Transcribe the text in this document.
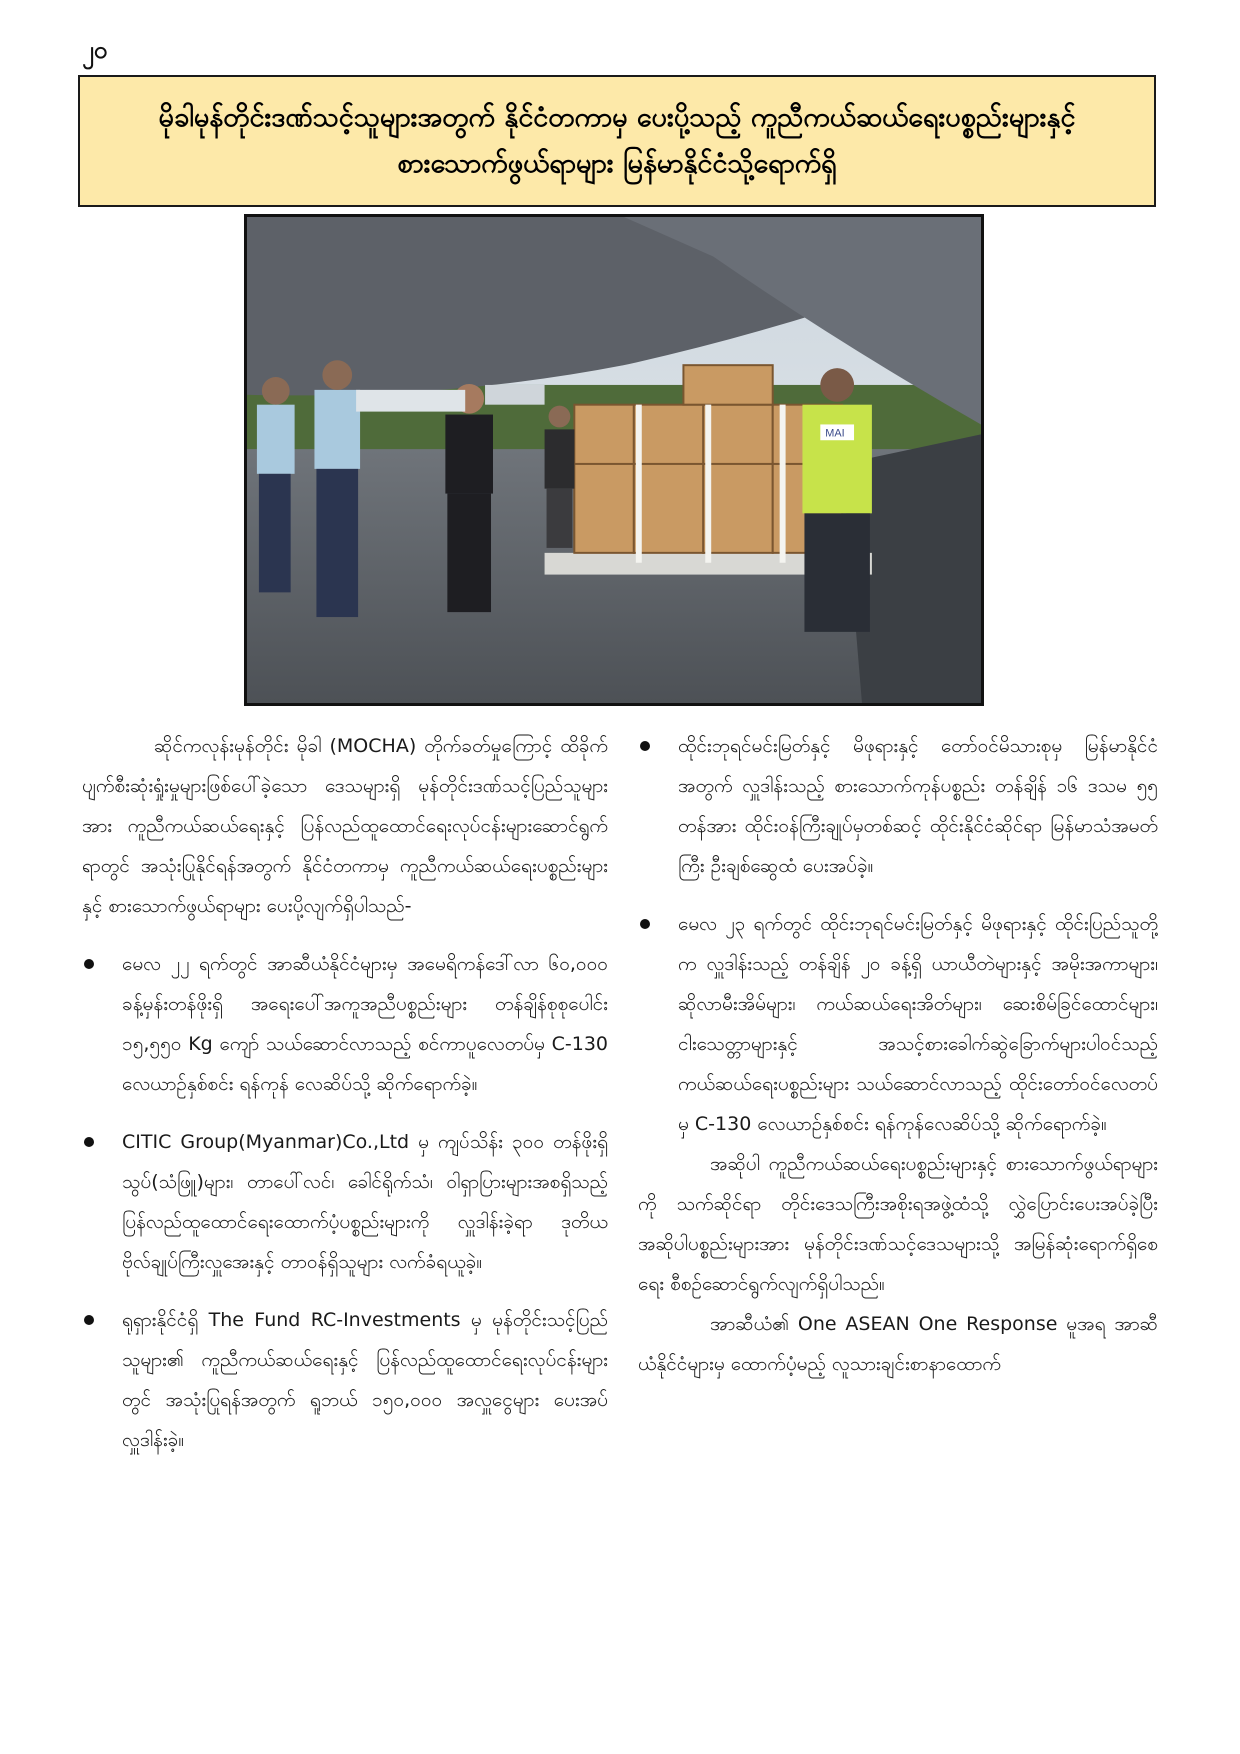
၂၀
မိုခါမုန်တိုင်းဒဏ်သင့်သူများအတွက် နိုင်ငံတကာမှ ပေးပို့သည့် ကူညီကယ်ဆယ်ရေးပစ္စည်းများနှင့်
စားသောက်ဖွယ်ရာများ မြန်မာနိုင်ငံသို့ရောက်ရှိ
MAI

ဆိုင်ကလုန်းမုန်တိုင်း မိုခါ (MOCHA) တိုက်ခတ်မှုကြောင့် ထိခိုက်ပျက်စီးဆုံးရှုံးမှုများဖြစ်ပေါ်ခဲ့သော ဒေသများရှိ မုန်တိုင်းဒဏ်သင့်ပြည်သူများအား ကူညီကယ်ဆယ်ရေးနှင့် ပြန်လည်ထူထောင်ရေးလုပ်ငန်းများဆောင်ရွက်ရာတွင် အသုံးပြုနိုင်ရန်အတွက် နိုင်ငံတကာမှ ကူညီကယ်ဆယ်ရေးပစ္စည်းများနှင့် စားသောက်ဖွယ်ရာများ ပေးပို့လျက်ရှိပါသည်-

မေလ ၂၂ ရက်တွင် အာဆီယံနိုင်ငံများမှ အမေရိကန်ဒေါ်လာ ၆၀,၀၀၀ ခန့်မှန်းတန်ဖိုးရှိ အရေးပေါ်အကူအညီပစ္စည်းများ တန်ချိန်စုစုပေါင်း ၁၅,၅၅၀ Kg ကျော် သယ်ဆောင်လာသည့် စင်ကာပူလေတပ်မှ C-130 လေယာဉ်နှစ်စင်း ရန်ကုန် လေဆိပ်သို့ ဆိုက်ရောက်ခဲ့။
CITIC Group(Myanmar)Co.,Ltd မှ ကျပ်သိန်း ၃၀၀ တန်ဖိုးရှိ သွပ်(သံဖြူ)များ၊ တာပေါ်လင်၊ ခေါင်ရိုက်သံ၊ ဝါရှာပြားများအစရှိသည့် ပြန်လည်ထူထောင်ရေးထောက်ပံ့ပစ္စည်းများကို လှူဒါန်းခဲ့ရာ ဒုတိယဗိုလ်ချုပ်ကြီးလှူအေးနှင့် တာဝန်ရှိသူများ လက်ခံရယူခဲ့။
ရုရှားနိုင်ငံရှိ The Fund RC-Investments မှ မုန်တိုင်းသင့်ပြည်သူများ၏ ကူညီကယ်ဆယ်ရေးနှင့် ပြန်လည်ထူထောင်ရေးလုပ်ငန်းများတွင် အသုံးပြုရန်အတွက် ရူဘယ် ၁၅၀,၀၀၀ အလှူငွေများ ပေးအပ်လှူဒါန်းခဲ့။
ထိုင်းဘုရင်မင်းမြတ်နှင့် မိဖုရားနှင့် တော်ဝင်မိသားစုမှ မြန်မာနိုင်ငံအတွက် လှူဒါန်းသည့် စားသောက်ကုန်ပစ္စည်း တန်ချိန် ၁၆ ဒသမ ၅၅ တန်အား ထိုင်းဝန်ကြီးချုပ်မှတစ်ဆင့် ထိုင်းနိုင်ငံဆိုင်ရာ မြန်မာသံအမတ်ကြီး ဦးချစ်ဆွေထံ ပေးအပ်ခဲ့။
မေလ ၂၃ ရက်တွင် ထိုင်းဘုရင်မင်းမြတ်နှင့် မိဖုရားနှင့် ထိုင်းပြည်သူတို့က လှူဒါန်းသည့် တန်ချိန် ၂၀ ခန့်ရှိ ယာယီတဲများနှင့် အမိုးအကာများ၊ ဆိုလာမီးအိမ်များ၊ ကယ်ဆယ်ရေးအိတ်များ၊ ဆေးစိမ်ခြင်ထောင်များ၊ ငါးသေတ္တာများနှင့် အသင့်စားခေါက်ဆွဲခြောက်များပါဝင်သည့် ကယ်ဆယ်ရေးပစ္စည်းများ သယ်ဆောင်လာသည့် ထိုင်းတော်ဝင်လေတပ်မှ C-130 လေယာဉ်နှစ်စင်း ရန်ကုန်လေဆိပ်သို့ ဆိုက်ရောက်ခဲ့။

အဆိုပါ ကူညီကယ်ဆယ်ရေးပစ္စည်းများနှင့် စားသောက်ဖွယ်ရာများကို သက်ဆိုင်ရာ တိုင်းဒေသကြီးအစိုးရအဖွဲ့ထံသို့ လွှဲပြောင်းပေးအပ်ခဲ့ပြီး အဆိုပါပစ္စည်းများအား မုန်တိုင်းဒဏ်သင့်ဒေသများသို့ အမြန်ဆုံးရောက်ရှိစေရေး စီစဉ်ဆောင်ရွက်လျက်ရှိပါသည်။

အာဆီယံ၏ One ASEAN One Response မူအရ အာဆီယံနိုင်ငံများမှ ထောက်ပံ့မည့် လူသားချင်းစာနာထောက်
